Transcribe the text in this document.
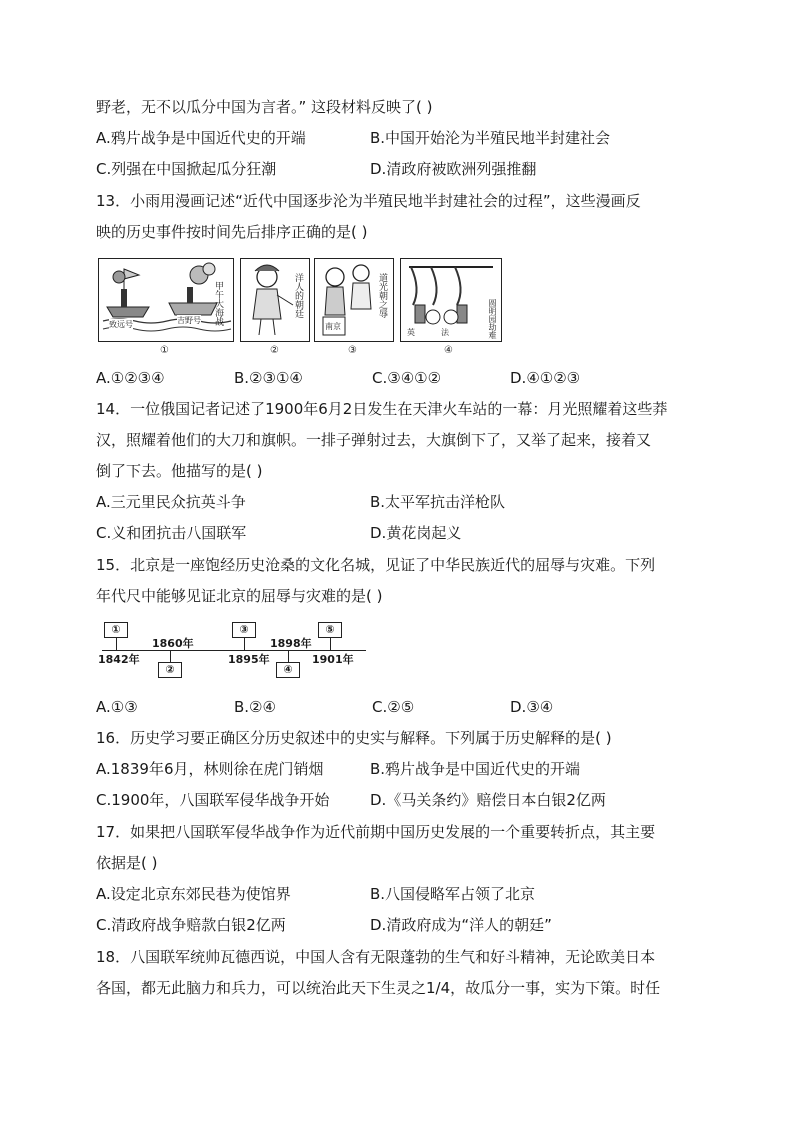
野老，无不以瓜分中国为言者。” 这段材料反映了( )
A.鸦片战争是中国近代史的开端	B.中国开始沦为半殖民地半封建社会
C.列强在中国掀起瓜分狂潮	D.清政府被欧洲列强推翻
13．小雨用漫画记述“近代中国逐步沦为半殖民地半封建社会的过程”，这些漫画反
映的历史事件按时间先后排序正确的是( )
甲午大海战
致远号	吉野号
①
洋人的朝廷
②
道光朝之辱
南京
③
圆明园劫难
英	法
④
A.①②③④	B.②③①④	C.③④①②	D.④①②③
14．一位俄国记者记述了1900年6月2日发生在天津火车站的一幕：月光照耀着这些莽
汉，照耀着他们的大刀和旗帜。一排子弹射过去，大旗倒下了，又举了起来，接着又
倒了下去。他描写的是( )
A.三元里民众抗英斗争	B.太平军抗击洋枪队
C.义和团抗击八国联军	D.黄花岗起义
15．北京是一座饱经历史沧桑的文化名城，见证了中华民族近代的屈辱与灾难。下列
年代尺中能够见证北京的屈辱与灾难的是( )
①
②
③
④
⑤
1842年
1860年
1895年
1898年
1901年
A.①③	B.②④	C.②⑤	D.③④
16．历史学习要正确区分历史叙述中的史实与解释。下列属于历史解释的是( )
A.1839年6月，林则徐在虎门销烟	B.鸦片战争是中国近代史的开端
C.1900年，八国联军侵华战争开始	D.《马关条约》赔偿日本白银2亿两
17．如果把八国联军侵华战争作为近代前期中国历史发展的一个重要转折点，其主要
依据是( )
A.设定北京东郊民巷为使馆界	B.八国侵略军占领了北京
C.清政府战争赔款白银2亿两	D.清政府成为“洋人的朝廷”
18．八国联军统帅瓦德西说，中国人含有无限蓬勃的生气和好斗精神，无论欧美日本
各国，都无此脑力和兵力，可以统治此天下生灵之1/4，故瓜分一事，实为下策。时任
